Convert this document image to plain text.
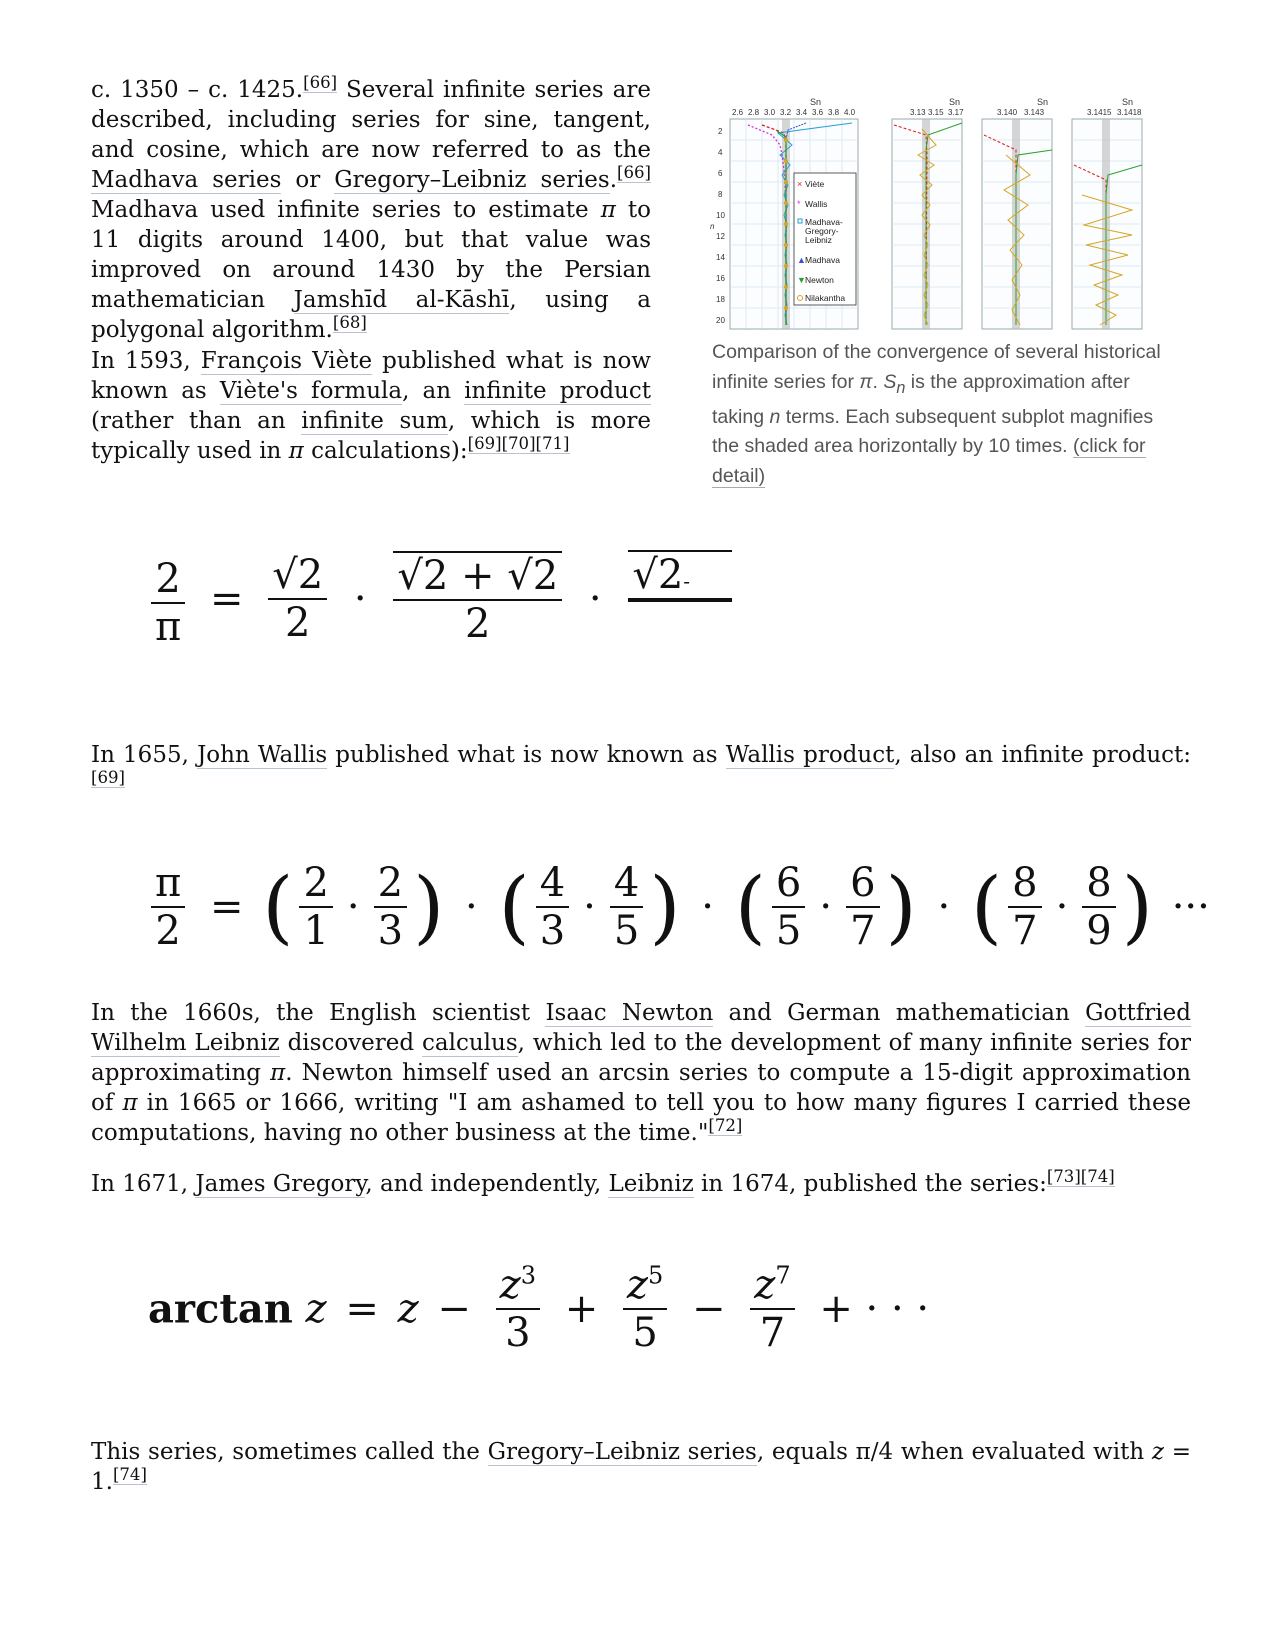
c. 1350 – c. 1425.[66] Several infinite series are described, including series for sine, tangent, and cosine, which are now referred to as the Madhava series or Gregory–Leibniz series.[66] Madhava used infinite series to estimate π to 11 digits around 1400, but that value was improved on around 1430 by the Persian mathematician Jamshīd al-Kāshī, using a polygonal algorithm.[68]
In 1593, François Viète published what is now known as Viète's formula, an infinite product (rather than an infinite sum, which is more typically used in π calculations):[69][70][71]
Sn	Sn	Sn	Sn
2.6 2.8 3.0 3.2 3.4 3.6 3.8 4.0	3.13 3.15 3.17	3.140 3.143	3.1415 3.1418
2
4
6
8
10
12
14
16
18
20
n
Viète
Wallis
Madhava-
Gregory-
Leibniz
Madhava
Newton
Nilakantha
×
*
▲
▼
Comparison of the convergence of several historical infinite series for π. $S_n$ is the approximation after taking n terms. Each subsequent subplot magnifies the shaded area horizontally by 10 times. (click for detail)
$\frac{2}{\pi} = \frac{√2}{2} \cdot \frac{√2 + √2}{2}$ ·
√2-

In 1655, John Wallis published what is now known as Wallis product, also an infinite product:[69]
$\frac{\pi}{2}$ = ( $\frac{2}{1} \cdot \frac{2}{3}$ ) · ( $\frac{4}{3} \cdot \frac{4}{5}$ ) · ( $\frac{6}{5} \cdot \frac{6}{7}$ ) · ( $\frac{8}{7} \cdot \frac{8}{9}$ ) ···
In the 1660s, the English scientist Isaac Newton and German mathematician Gottfried Wilhelm Leibniz discovered calculus, which led to the development of many infinite series for approximating π. Newton himself used an arcsin series to compute a 15-digit approximation of π in 1665 or 1666, writing "I am ashamed to tell you to how many figures I carried these computations, having no other business at the time."[72]
In 1671, James Gregory, and independently, Leibniz in 1674, published the series:[73][74]
$\arctan z = z - \frac{z^3}{3} + \frac{z^5}{5} - \frac{z^7}{7}$ + · · ·
This series, sometimes called the Gregory–Leibniz series, equals π/4 when evaluated with z = 1.[74]
